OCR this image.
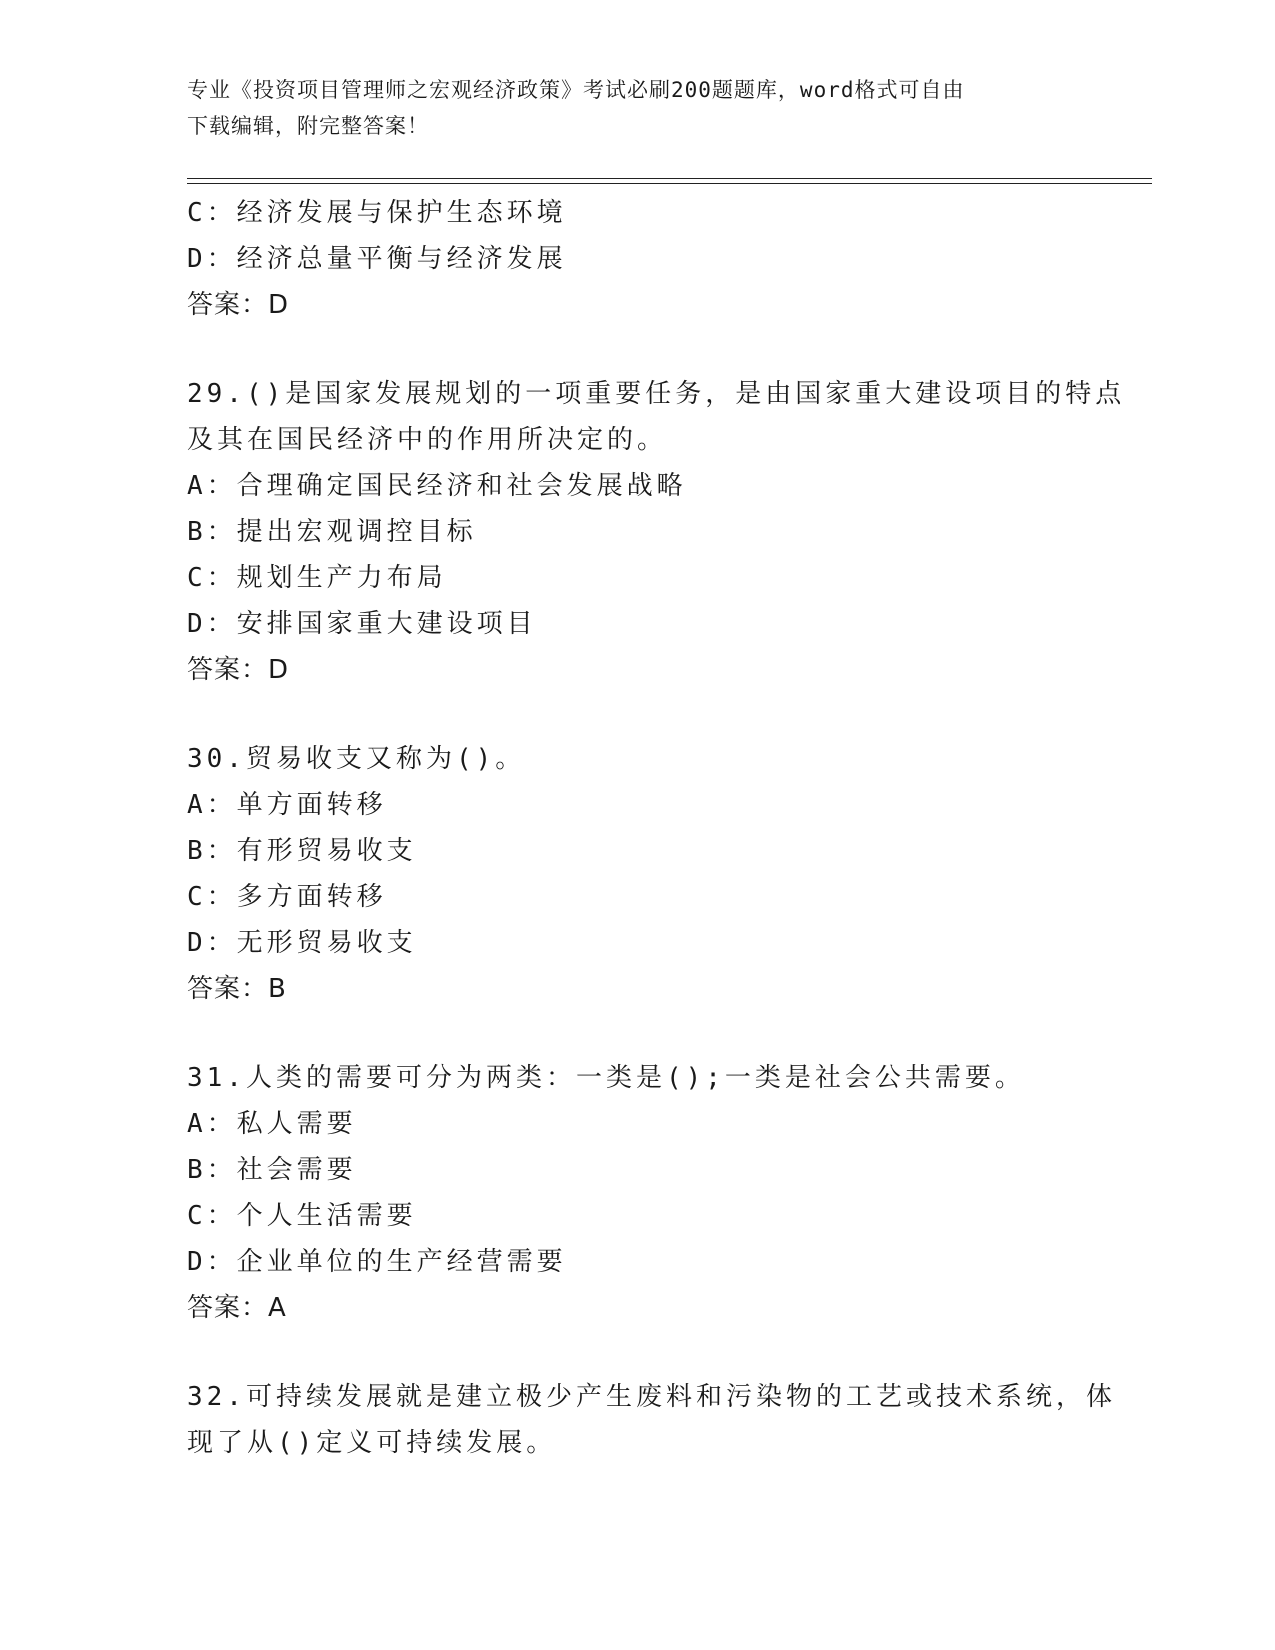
专业《投资项目管理师之宏观经济政策》考试必刷200题题库，word格式可自由
下载编辑，附完整答案！
C：经济发展与保护生态环境
D：经济总量平衡与经济发展
答案：D
29.()是国家发展规划的一项重要任务，是由国家重大建设项目的特点
及其在国民经济中的作用所决定的。
A：合理确定国民经济和社会发展战略
B：提出宏观调控目标
C：规划生产力布局
D：安排国家重大建设项目
答案：D
30.贸易收支又称为()。
A：单方面转移
B：有形贸易收支
C：多方面转移
D：无形贸易收支
答案：B
31.人类的需要可分为两类：一类是();一类是社会公共需要。
A：私人需要
B：社会需要
C：个人生活需要
D：企业单位的生产经营需要
答案：A
32.可持续发展就是建立极少产生废料和污染物的工艺或技术系统，体
现了从()定义可持续发展。
